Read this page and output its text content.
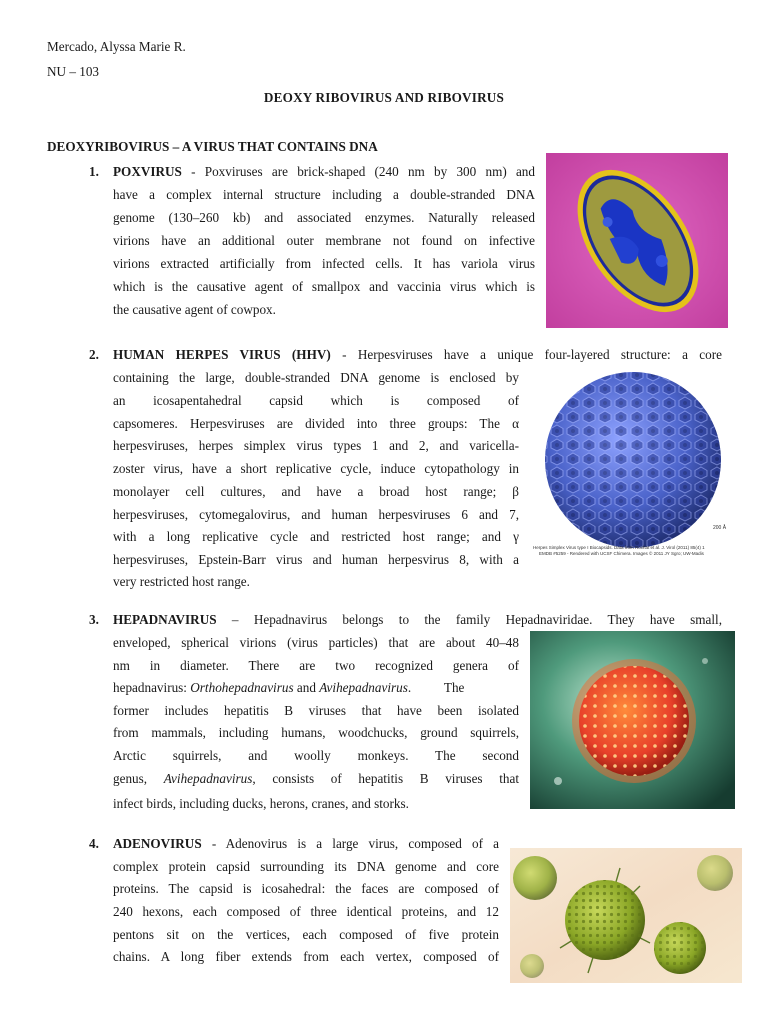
Mercado, Alyssa Marie R.
NU – 103
DEOXY RIBOVIRUS AND RIBOVIRUS
DEOXYRIBOVIRUS – A VIRUS THAT CONTAINS DNA
1. POXVIRUS - Poxviruses are brick-shaped (240 nm by 300 nm) and
have a complex internal structure including a double-stranded DNA
genome (130–260 kb) and associated enzymes. Naturally released
virions have an additional outer membrane not found on infective
virions extracted artificially from infected cells. It has variola virus
which is the causative agent of smallpox and vaccinia virus which is
the causative agent of cowpox.
2. HUMAN HERPES VIRUS (HHV) - Herpesviruses have a unique four-layered structure: a core
containing the large, double-stranded DNA genome is enclosed by
an icosapentahedral capsid which is composed of
capsomeres. Herpesviruses are divided into three groups: The α
herpesviruses, herpes simplex virus types 1 and 2, and varicella-
zoster virus, have a short replicative cycle, induce cytopathology in
monolayer cell cultures, and have a broad host range; β
herpesviruses, cytomegalovirus, and human herpesviruses 6 and 7,
with a long replicative cycle and restricted host range; and γ
herpesviruses, Epstein-Barr virus and human herpesvirus 8, with a
very restricted host range.
200 Å
Herpes Simplex Virus type I Biocapsids. Data from Rochat et al. J. Virol (2011) 85(4) 1
EMDB #5259 - Rendered with UCSF Chimera. Images © 2011 JY Sgro; UW-Madis
3. HEPADNAVIRUS – Hepadnavirus belongs to the family Hepadnaviridae. They have small,
enveloped, spherical virions (virus particles) that are about 40–48
nm in diameter. There are two recognized genera of
hepadnavirus: Orthohepadnavirus and Avihepadnavirus.          The
former includes hepatitis B viruses that have been isolated
from mammals, including humans, woodchucks, ground squirrels,
Arctic squirrels, and woolly monkeys. The second
genus, Avihepadnavirus, consists of hepatitis B viruses that
infect birds, including ducks, herons, cranes, and storks.
4. ADENOVIRUS - Adenovirus is a large virus, composed of a
complex protein capsid surrounding its DNA genome and core
proteins. The capsid is icosahedral: the faces are composed of
240 hexons, each composed of three identical proteins, and 12
pentons sit on the vertices, each composed of five protein
chains. A long fiber extends from each vertex, composed of
